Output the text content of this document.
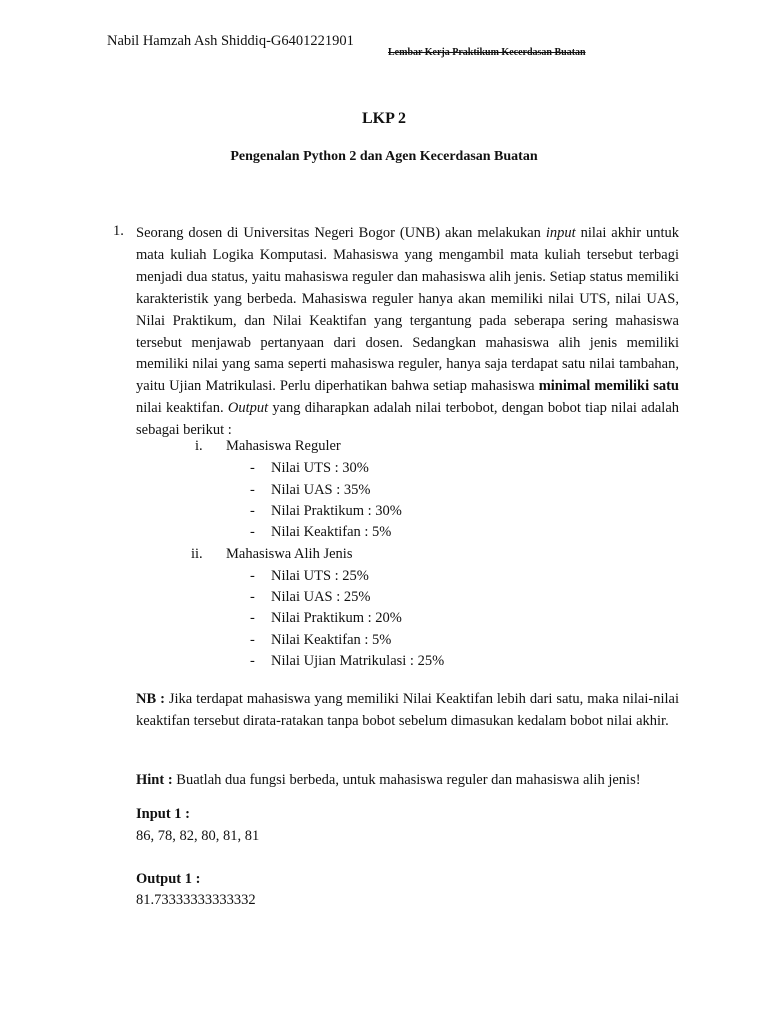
Nabil Hamzah Ash Shiddiq-G6401221901
Lembar Kerja Praktikum Kecerdasan Buatan
LKP 2
Pengenalan Python 2 dan Agen Kecerdasan Buatan
1. Seorang dosen di Universitas Negeri Bogor (UNB) akan melakukan input nilai akhir untuk mata kuliah Logika Komputasi. Mahasiswa yang mengambil mata kuliah tersebut terbagi menjadi dua status, yaitu mahasiswa reguler dan mahasiswa alih jenis. Setiap status memiliki karakteristik yang berbeda. Mahasiswa reguler hanya akan memiliki nilai UTS, nilai UAS, Nilai Praktikum, dan Nilai Keaktifan yang tergantung pada seberapa sering mahasiswa tersebut menjawab pertanyaan dari dosen. Sedangkan mahasiswa alih jenis memiliki memiliki nilai yang sama seperti mahasiswa reguler, hanya saja terdapat satu nilai tambahan, yaitu Ujian Matrikulasi. Perlu diperhatikan bahwa setiap mahasiswa minimal memiliki satu nilai keaktifan. Output yang diharapkan adalah nilai terbobot, dengan bobot tiap nilai adalah sebagai berikut :
i. Mahasiswa Reguler
- Nilai UTS : 30%
- Nilai UAS : 35%
- Nilai Praktikum : 30%
- Nilai Keaktifan : 5%
ii. Mahasiswa Alih Jenis
- Nilai UTS : 25%
- Nilai UAS : 25%
- Nilai Praktikum : 20%
- Nilai Keaktifan : 5%
- Nilai Ujian Matrikulasi : 25%
NB : Jika terdapat mahasiswa yang memiliki Nilai Keaktifan lebih dari satu, maka nilai-nilai keaktifan tersebut dirata-ratakan tanpa bobot sebelum dimasukan kedalam bobot nilai akhir.
Hint : Buatlah dua fungsi berbeda, untuk mahasiswa reguler dan mahasiswa alih jenis!
Input 1 :
86, 78, 82, 80, 81, 81
Output 1 :
81.73333333333332
